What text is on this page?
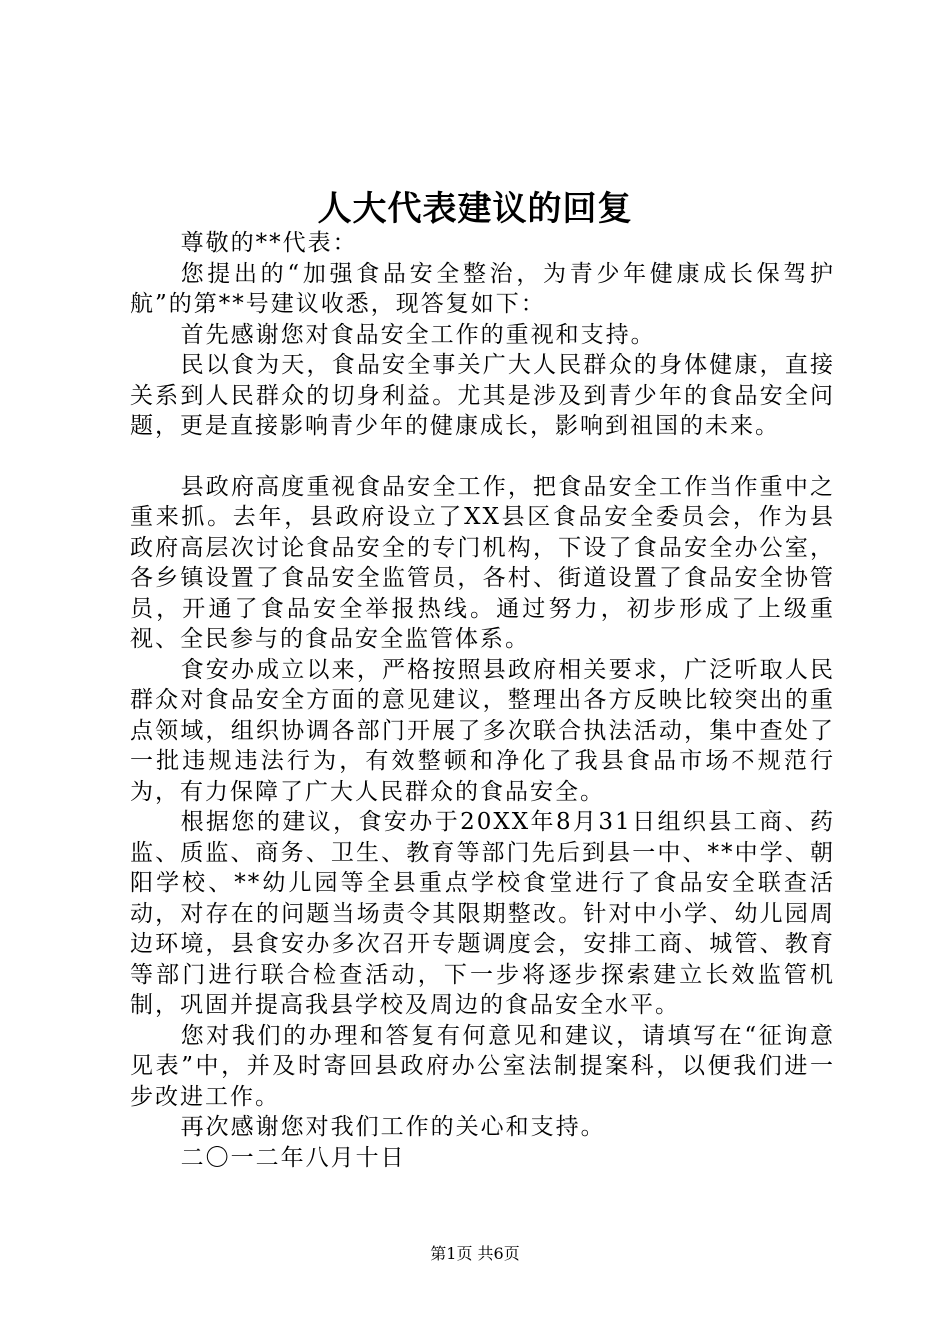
人大代表建议的回复

尊敬的**代表：

您提出的“加强食品安全整治，为青少年健康成长保驾护航”的第**号建议收悉，现答复如下：

首先感谢您对食品安全工作的重视和支持。

民以食为天，食品安全事关广大人民群众的身体健康，直接关系到人民群众的切身利益。尤其是涉及到青少年的食品安全问题，更是直接影响青少年的健康成长，影响到祖国的未来。

县政府高度重视食品安全工作，把食品安全工作当作重中之重来抓。去年，县政府设立了XX县区食品安全委员会，作为县政府高层次讨论食品安全的专门机构，下设了食品安全办公室，各乡镇设置了食品安全监管员，各村、街道设置了食品安全协管员，开通了食品安全举报热线。通过努力，初步形成了上级重视、全民参与的食品安全监管体系。

食安办成立以来，严格按照县政府相关要求，广泛听取人民群众对食品安全方面的意见建议，整理出各方反映比较突出的重点领域，组织协调各部门开展了多次联合执法活动，集中查处了一批违规违法行为，有效整顿和净化了我县食品市场不规范行为，有力保障了广大人民群众的食品安全。

根据您的建议，食安办于20XX年8月31日组织县工商、药监、质监、商务、卫生、教育等部门先后到县一中、**中学、朝阳学校、**幼儿园等全县重点学校食堂进行了食品安全联查活动，对存在的问题当场责令其限期整改。针对中小学、幼儿园周边环境，县食安办多次召开专题调度会，安排工商、城管、教育等部门进行联合检查活动，下一步将逐步探索建立长效监管机制，巩固并提高我县学校及周边的食品安全水平。

您对我们的办理和答复有何意见和建议，请填写在“征询意见表”中，并及时寄回县政府办公室法制提案科，以便我们进一步改进工作。

再次感谢您对我们工作的关心和支持。

二〇一二年八月十日

第1页 共6页
